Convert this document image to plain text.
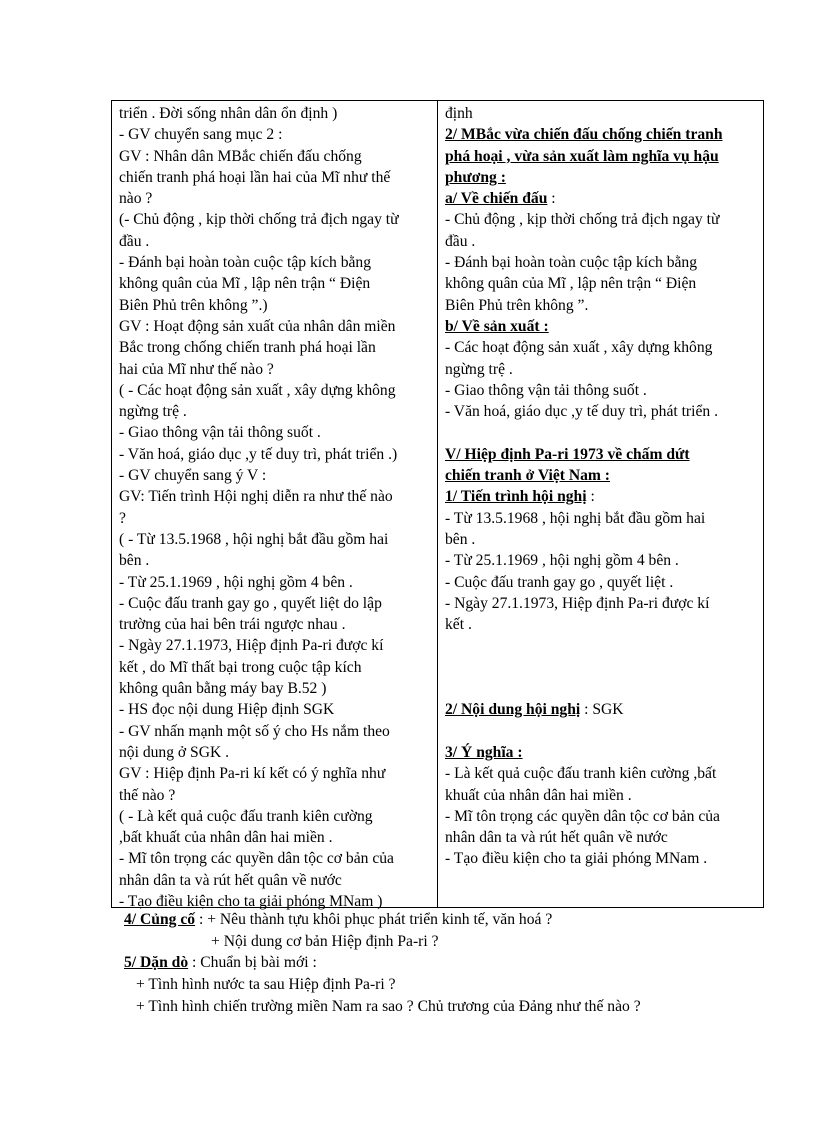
triển . Đời sống nhân dân ổn định )
- GV chuyển sang mục 2 :
GV : Nhân dân MBắc chiến đấu chống
chiến tranh phá hoại lần hai của Mĩ như thế
nào ?
(- Chủ động , kịp thời chống trả địch ngay từ
đầu .
- Đánh bại hoàn toàn cuộc tập kích bằng
không quân của Mĩ , lập nên trận “ Điện
Biên Phủ trên không ”.)
GV : Hoạt động sản xuất của nhân dân miền
Bắc trong chống chiến tranh phá hoại lần
hai của Mĩ như thế nào ?
( - Các hoạt động sản xuất , xây dựng không
ngừng trệ .
- Giao thông vận tải thông suốt .
- Văn hoá, giáo dục ,y tế duy trì, phát triển .)
- GV chuyển sang ý V :
GV: Tiến trình Hội nghị diễn ra như thế nào
?
( - Từ 13.5.1968 , hội nghị bắt đầu gồm hai
bên .
- Từ 25.1.1969 , hội nghị gồm 4 bên .
- Cuộc đấu tranh gay go , quyết liệt do lập
trường của hai bên trái ngược nhau .
- Ngày 27.1.1973, Hiệp định Pa-ri được kí
kết , do Mĩ thất bại trong cuộc tập kích
không quân bằng máy bay B.52 )
- HS đọc nội dung Hiệp định SGK
- GV nhấn mạnh một số ý cho Hs nắm theo
nội dung ở SGK .
GV : Hiệp định Pa-ri kí kết có ý nghĩa như
thế nào ?
( - Là kết quả cuộc đấu tranh kiên cường
,bất khuất của nhân dân hai miền .
- Mĩ tôn trọng các quyền dân tộc cơ bản của
nhân dân ta và rút hết quân về nước
- Tạo điều kiện cho ta giải phóng MNam )
định
2/ MBắc vừa chiến đấu chống chiến tranh
phá hoại , vừa sản xuất làm nghĩa vụ hậu
phương :
a/ Về chiến đấu :
- Chủ động , kịp thời chống trả địch ngay từ
đầu .
- Đánh bại hoàn toàn cuộc tập kích bằng
không quân của Mĩ , lập nên trận “ Điện
Biên Phủ trên không ”.
b/ Về sản xuất :
- Các hoạt động sản xuất , xây dựng không
ngừng trệ .
- Giao thông vận tải thông suốt .
- Văn hoá, giáo dục ,y tế duy trì, phát triển .
V/ Hiệp định Pa-ri 1973 về chấm dứt
chiến tranh ở Việt Nam :
1/ Tiến trình hội nghị :
- Từ 13.5.1968 , hội nghị bắt đầu gồm hai
bên .
- Từ 25.1.1969 , hội nghị gồm 4 bên .
- Cuộc đấu tranh gay go , quyết liệt .
- Ngày 27.1.1973, Hiệp định Pa-ri được kí
kết .
2/ Nội dung hội nghị : SGK
3/ Ý nghĩa :
- Là kết quả cuộc đấu tranh kiên cường ,bất
khuất của nhân dân hai miền .
- Mĩ tôn trọng các quyền dân tộc cơ bản của
nhân dân ta và rút hết quân về nước
- Tạo điều kiện cho ta giải phóng MNam .
4/ Củng cố : + Nêu thành tựu khôi phục phát triển kinh tế, văn hoá ?
+ Nội dung cơ bản Hiệp định Pa-ri ?
5/ Dặn dò : Chuẩn bị bài mới :
+ Tình hình nước ta sau Hiệp định Pa-ri ?
+ Tình hình chiến trường miền Nam ra sao ? Chủ trương của Đảng như thế nào ?
